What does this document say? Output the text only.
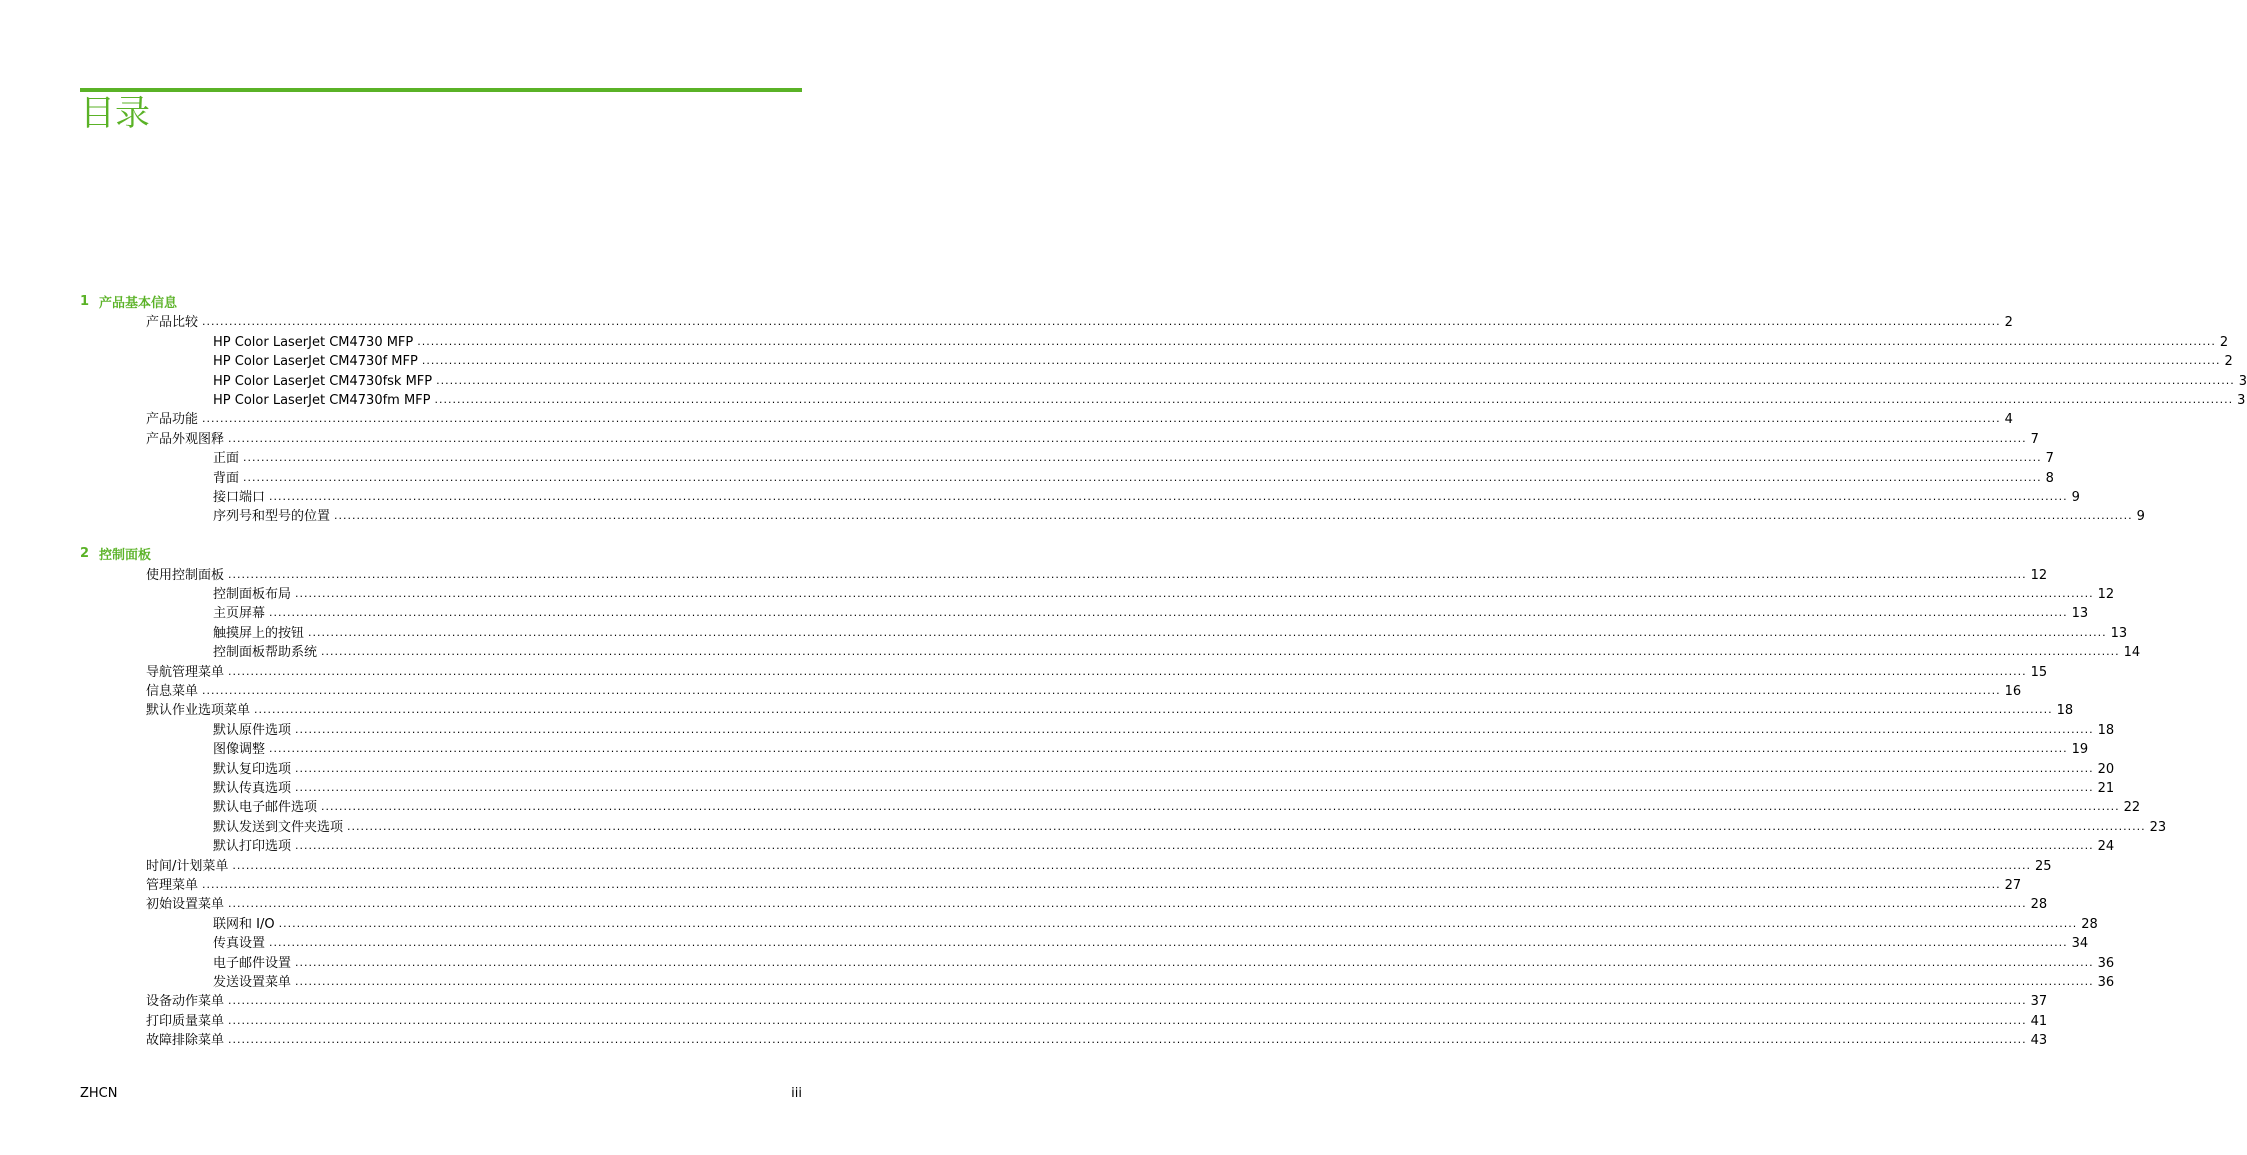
目录
1 产品基本信息
产品比较 ................................................................................................................................................................................................................................................................................................................................................................................................................ 2
HP Color LaserJet CM4730 MFP ................................................................................................................................................................................................................................................................................................................................................................................................................ 2
HP Color LaserJet CM4730f MFP ................................................................................................................................................................................................................................................................................................................................................................................................................ 2
HP Color LaserJet CM4730fsk MFP ................................................................................................................................................................................................................................................................................................................................................................................................................ 3
HP Color LaserJet CM4730fm MFP ................................................................................................................................................................................................................................................................................................................................................................................................................ 3
产品功能 ................................................................................................................................................................................................................................................................................................................................................................................................................ 4
产品外观图释 ................................................................................................................................................................................................................................................................................................................................................................................................................ 7
正面 ................................................................................................................................................................................................................................................................................................................................................................................................................ 7
背面 ................................................................................................................................................................................................................................................................................................................................................................................................................ 8
接口端口 ................................................................................................................................................................................................................................................................................................................................................................................................................ 9
序列号和型号的位置 ................................................................................................................................................................................................................................................................................................................................................................................................................ 9
2 控制面板
使用控制面板 ................................................................................................................................................................................................................................................................................................................................................................................................................ 12
控制面板布局 ................................................................................................................................................................................................................................................................................................................................................................................................................ 12
主页屏幕 ................................................................................................................................................................................................................................................................................................................................................................................................................ 13
触摸屏上的按钮 ................................................................................................................................................................................................................................................................................................................................................................................................................ 13
控制面板帮助系统 ................................................................................................................................................................................................................................................................................................................................................................................................................ 14
导航管理菜单 ................................................................................................................................................................................................................................................................................................................................................................................................................ 15
信息菜单 ................................................................................................................................................................................................................................................................................................................................................................................................................ 16
默认作业选项菜单 ................................................................................................................................................................................................................................................................................................................................................................................................................ 18
默认原件选项 ................................................................................................................................................................................................................................................................................................................................................................................................................ 18
图像调整 ................................................................................................................................................................................................................................................................................................................................................................................................................ 19
默认复印选项 ................................................................................................................................................................................................................................................................................................................................................................................................................ 20
默认传真选项 ................................................................................................................................................................................................................................................................................................................................................................................................................ 21
默认电子邮件选项 ................................................................................................................................................................................................................................................................................................................................................................................................................ 22
默认发送到文件夹选项 ................................................................................................................................................................................................................................................................................................................................................................................................................ 23
默认打印选项 ................................................................................................................................................................................................................................................................................................................................................................................................................ 24
时间/计划菜单 ................................................................................................................................................................................................................................................................................................................................................................................................................ 25
管理菜单 ................................................................................................................................................................................................................................................................................................................................................................................................................ 27
初始设置菜单 ................................................................................................................................................................................................................................................................................................................................................................................................................ 28
联网和 I/O ................................................................................................................................................................................................................................................................................................................................................................................................................ 28
传真设置 ................................................................................................................................................................................................................................................................................................................................................................................................................ 34
电子邮件设置 ................................................................................................................................................................................................................................................................................................................................................................................................................ 36
发送设置菜单 ................................................................................................................................................................................................................................................................................................................................................................................................................ 36
设备动作菜单 ................................................................................................................................................................................................................................................................................................................................................................................................................ 37
打印质量菜单 ................................................................................................................................................................................................................................................................................................................................................................................................................ 41
故障排除菜单 ................................................................................................................................................................................................................................................................................................................................................................................................................ 43
ZHCN	iii
